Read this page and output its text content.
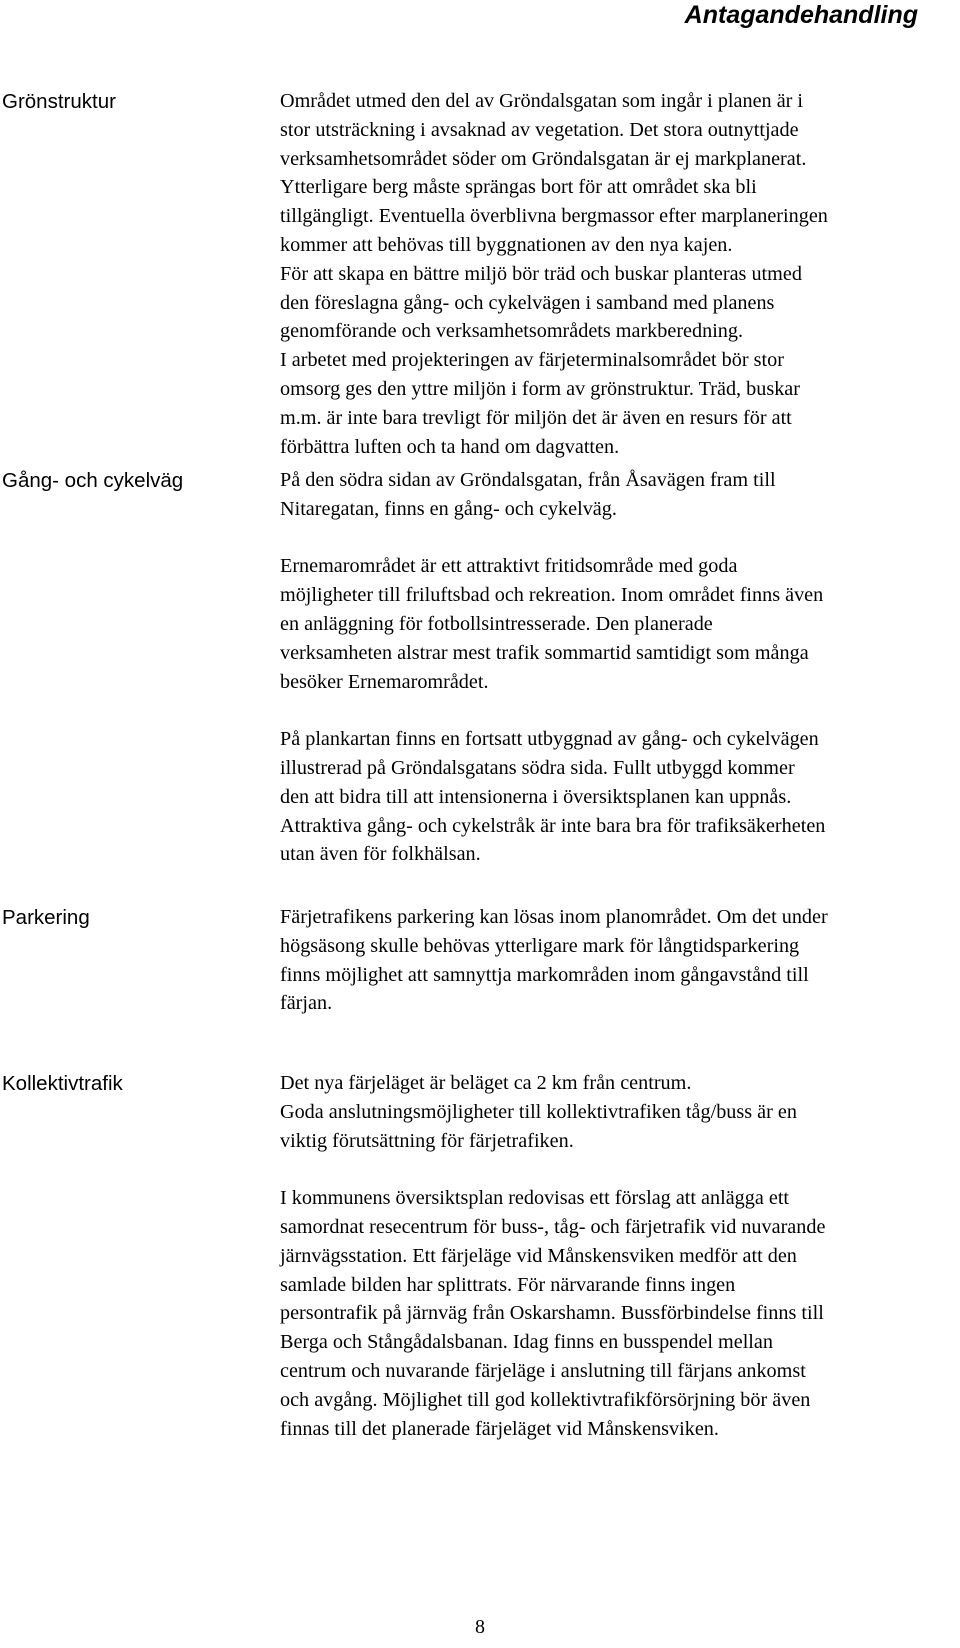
Antagandehandling
Grönstruktur	Området utmed den del av Gröndalsgatan som ingår i planen är i
stor utsträckning i avsaknad av vegetation. Det stora outnyttjade
verksamhetsområdet söder om Gröndalsgatan är ej markplanerat.
Ytterligare berg måste sprängas bort för att området ska bli
tillgängligt. Eventuella överblivna bergmassor efter marplaneringen
kommer att behövas till byggnationen av den nya kajen.
För att skapa en bättre miljö bör träd och buskar planteras utmed
den föreslagna gång- och cykelvägen i samband med planens
genomförande och verksamhetsområdets markberedning.
I arbetet med projekteringen av färjeterminalsområdet bör stor
omsorg ges den yttre miljön i form av grönstruktur. Träd, buskar
m.m. är inte bara trevligt för miljön det är även en resurs för att
förbättra luften och ta hand om dagvatten.
Gång- och cykelväg	På den södra sidan av Gröndalsgatan, från Åsavägen fram till
Nitaregatan, finns en gång- och cykelväg.
Ernemarområdet är ett attraktivt fritidsområde med goda
möjligheter till friluftsbad och rekreation. Inom området finns även
en anläggning för fotbollsintresserade. Den planerade
verksamheten alstrar mest trafik sommartid samtidigt som många
besöker Ernemarområdet.
På plankartan finns en fortsatt utbyggnad av gång- och cykelvägen
illustrerad på Gröndalsgatans södra sida. Fullt utbyggd kommer
den att bidra till att intensionerna i översiktsplanen kan uppnås.
Attraktiva gång- och cykelstråk är inte bara bra för trafiksäkerheten
utan även för folkhälsan.
Parkering	Färjetrafikens parkering kan lösas inom planområdet. Om det under
högsäsong skulle behövas ytterligare mark för långtidsparkering
finns möjlighet att samnyttja markområden inom gångavstånd till
färjan.
Kollektivtrafik	Det nya färjeläget är beläget ca 2 km från centrum.
Goda anslutningsmöjligheter till kollektivtrafiken tåg/buss är en
viktig förutsättning för färjetrafiken.
I kommunens översiktsplan redovisas ett förslag att anlägga ett
samordnat resecentrum för buss-, tåg- och färjetrafik vid nuvarande
järnvägsstation. Ett färjeläge vid Månskensviken medför att den
samlade bilden har splittrats. För närvarande finns ingen
persontrafik på järnväg från Oskarshamn. Bussförbindelse finns till
Berga och Stångådalsbanan. Idag finns en busspendel mellan
centrum och nuvarande färjeläge i anslutning till färjans ankomst
och avgång. Möjlighet till god kollektivtrafikförsörjning bör även
finnas till det planerade färjeläget vid Månskensviken.
8
